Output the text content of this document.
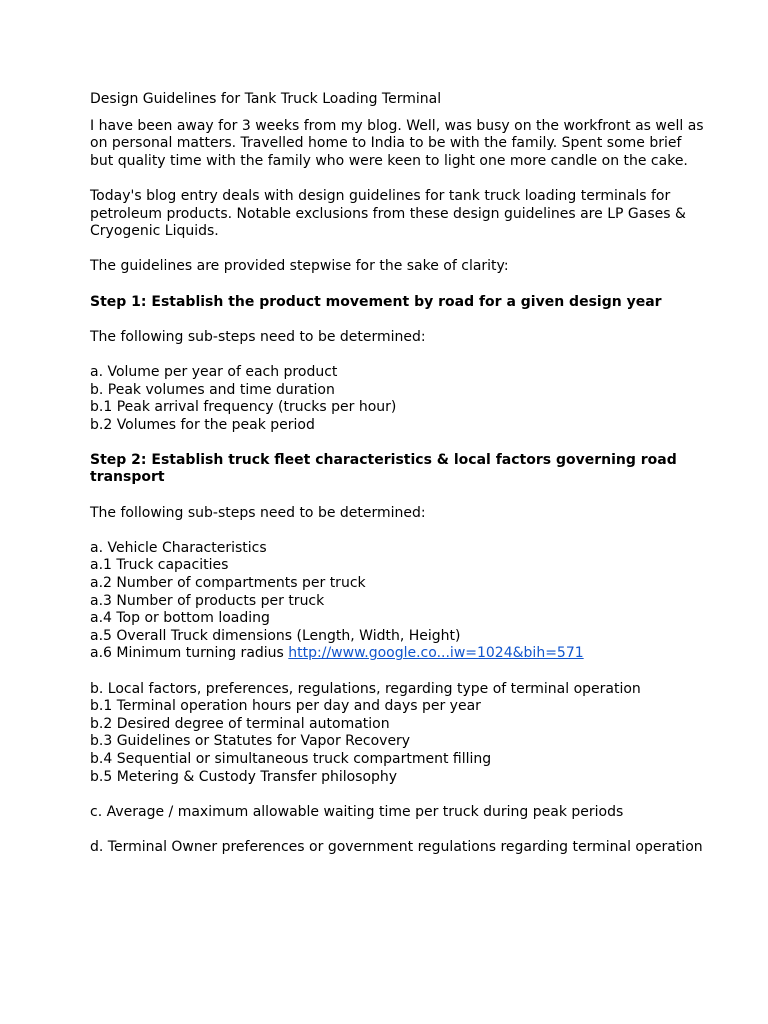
Design Guidelines for Tank Truck Loading Terminal

I have been away for 3 weeks from my blog. Well, was busy on the workfront as well as on personal matters. Travelled home to India to be with the family. Spent some brief but quality time with the family who were keen to light one more candle on the cake.

Today's blog entry deals with design guidelines for tank truck loading terminals for petroleum products. Notable exclusions from these design guidelines are LP Gases & Cryogenic Liquids.

The guidelines are provided stepwise for the sake of clarity:

Step 1: Establish the product movement by road for a given design year

The following sub-steps need to be determined:

a. Volume per year of each product

b. Peak volumes and time duration

b.1 Peak arrival frequency (trucks per hour)

b.2 Volumes for the peak period

Step 2: Establish truck fleet characteristics & local factors governing road transport

The following sub-steps need to be determined:

a. Vehicle Characteristics

a.1 Truck capacities

a.2 Number of compartments per truck

a.3 Number of products per truck

a.4 Top or bottom loading

a.5 Overall Truck dimensions (Length, Width, Height)

a.6 Minimum turning radius http://www.google.co...iw=1024&bih=571

b. Local factors, preferences, regulations, regarding type of terminal operation

b.1 Terminal operation hours per day and days per year

b.2 Desired degree of terminal automation

b.3 Guidelines or Statutes for Vapor Recovery

b.4 Sequential or simultaneous truck compartment filling

b.5 Metering & Custody Transfer philosophy

c. Average / maximum allowable waiting time per truck during peak periods

d. Terminal Owner preferences or government regulations regarding terminal operation
